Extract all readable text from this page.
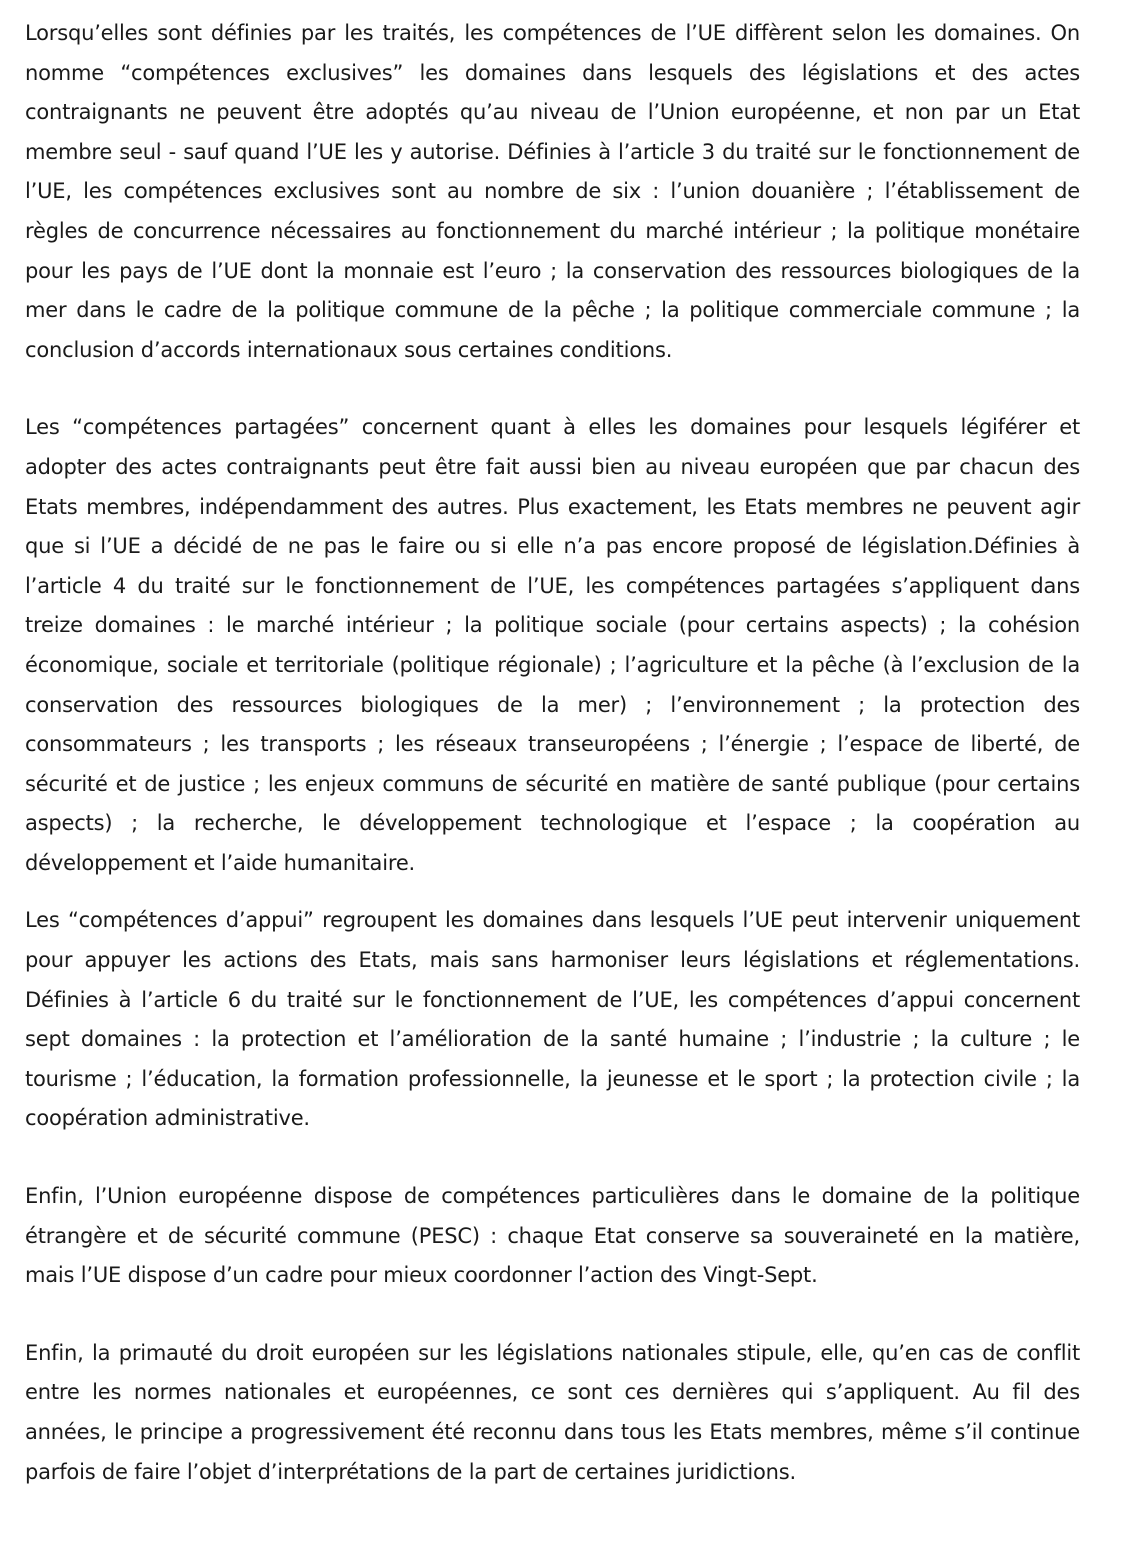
Lorsqu’elles sont définies par les traités, les compétences de l’UE diffèrent selon les domaines. On nomme “compétences exclusives” les domaines dans lesquels des législations et des actes contraignants ne peuvent être adoptés qu’au niveau de l’Union européenne, et non par un Etat membre seul - sauf quand l’UE les y autorise. Définies à l’article 3 du traité sur le fonctionnement de l’UE, les compétences exclusives sont au nombre de six : l’union douanière ; l’établissement de règles de concurrence nécessaires au fonctionnement du marché intérieur ; la politique monétaire pour les pays de l’UE dont la monnaie est l’euro ; la conservation des ressources biologiques de la mer dans le cadre de la politique commune de la pêche ; la politique commerciale commune ; la conclusion d’accords internationaux sous certaines conditions.

Les “compétences partagées” concernent quant à elles les domaines pour lesquels légiférer et adopter des actes contraignants peut être fait aussi bien au niveau européen que par chacun des Etats membres, indépendamment des autres. Plus exactement, les Etats membres ne peuvent agir que si l’UE a décidé de ne pas le faire ou si elle n’a pas encore proposé de législation.Définies à l’article 4 du traité sur le fonctionnement de l’UE, les compétences partagées s’appliquent dans treize domaines : le marché intérieur ; la politique sociale (pour certains aspects) ; la cohésion économique, sociale et territoriale (politique régionale) ; l’agriculture et la pêche (à l’exclusion de la conservation des ressources biologiques de la mer) ; l’environnement ; la protection des consommateurs ; les transports ; les réseaux transeuropéens ; l’énergie ; l’espace de liberté, de sécurité et de justice ; les enjeux communs de sécurité en matière de santé publique (pour certains aspects) ; la recherche, le développement technologique et l’espace ; la coopération au développement et l’aide humanitaire.

Les “compétences d’appui” regroupent les domaines dans lesquels l’UE peut intervenir uniquement pour appuyer les actions des Etats, mais sans harmoniser leurs législations et réglementations. Définies à l’article 6 du traité sur le fonctionnement de l’UE, les compétences d’appui concernent sept domaines : la protection et l’amélioration de la santé humaine ; l’industrie ; la culture ; le tourisme ; l’éducation, la formation professionnelle, la jeunesse et le sport ; la protection civile ; la coopération administrative.

Enfin, l’Union européenne dispose de compétences particulières dans le domaine de la politique étrangère et de sécurité commune (PESC) : chaque Etat conserve sa souveraineté en la matière, mais l’UE dispose d’un cadre pour mieux coordonner l’action des Vingt-Sept.

Enfin, la primauté du droit européen sur les législations nationales stipule, elle, qu’en cas de conflit entre les normes nationales et européennes, ce sont ces dernières qui s’appliquent. Au fil des années, le principe a progressivement été reconnu dans tous les Etats membres, même s’il continue parfois de faire l’objet d’interprétations de la part de certaines juridictions.
